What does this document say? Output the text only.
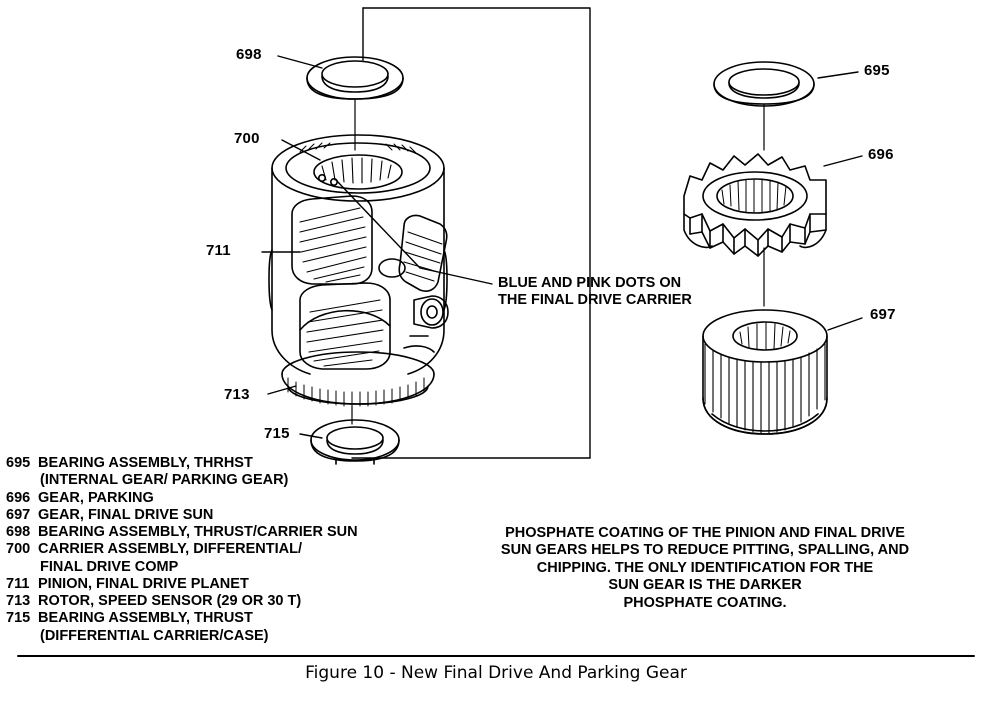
698
700
711
713
715
695
696
697
BLUE AND PINK DOTS ON
THE FINAL DRIVE CARRIER
695 BEARING ASSEMBLY, THRHST
(INTERNAL GEAR/ PARKING GEAR)
696 GEAR, PARKING
697 GEAR, FINAL DRIVE SUN
698 BEARING ASSEMBLY, THRUST/CARRIER SUN
700 CARRIER ASSEMBLY, DIFFERENTIAL/
FINAL DRIVE COMP
711 PINION, FINAL DRIVE PLANET
713 ROTOR, SPEED SENSOR (29 OR 30 T)
715 BEARING ASSEMBLY, THRUST
(DIFFERENTIAL CARRIER/CASE)
PHOSPHATE COATING OF THE PINION AND FINAL DRIVE
SUN GEARS HELPS TO REDUCE PITTING, SPALLING, AND
CHIPPING. THE ONLY IDENTIFICATION FOR THE
SUN GEAR IS THE DARKER
PHOSPHATE COATING.
Figure 10 - New Final Drive And Parking Gear
